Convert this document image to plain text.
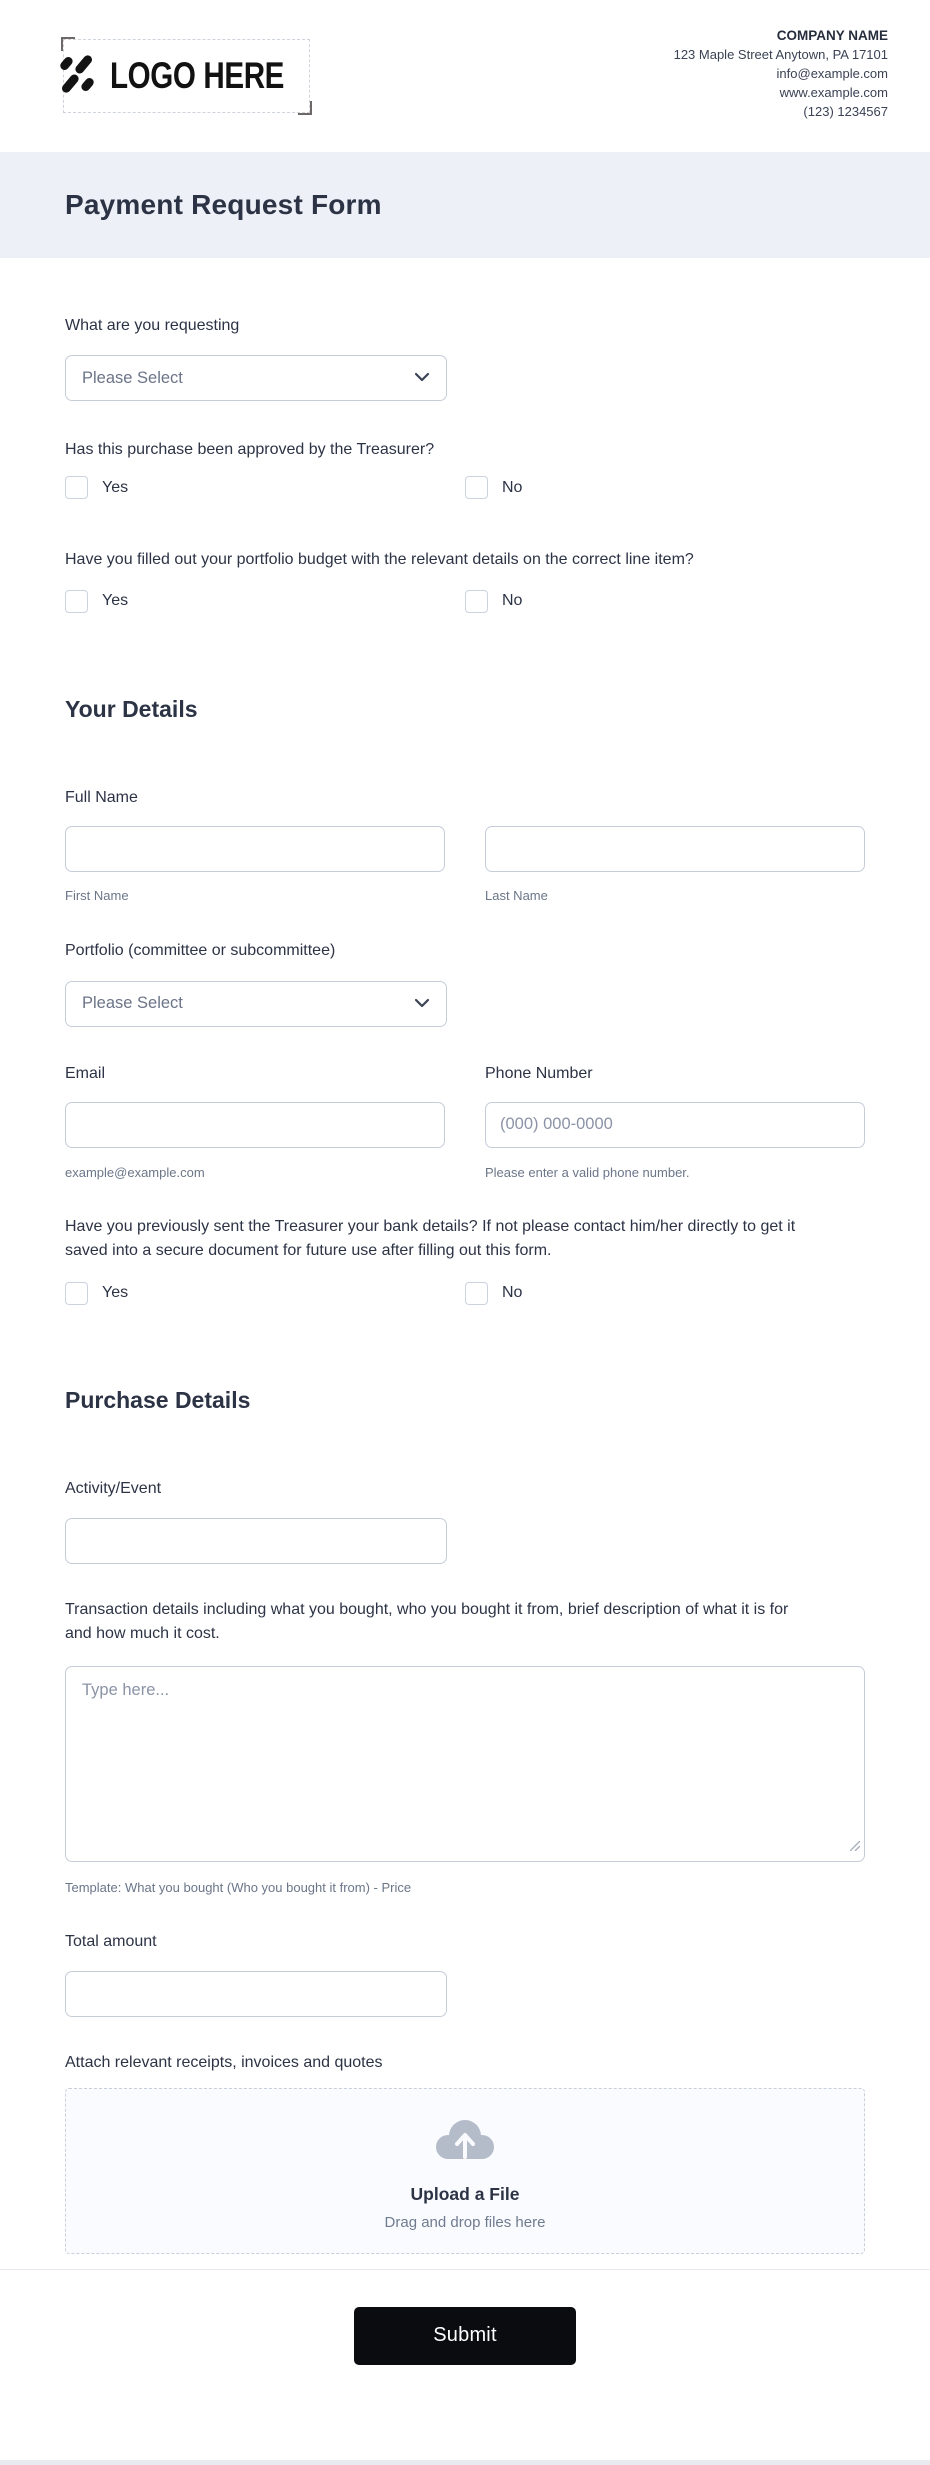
LOGO HERE
COMPANY NAME
123 Maple Street Anytown, PA 17101
info@example.com
www.example.com
(123) 1234567
Payment Request Form
What are you requesting
Please Select
Has this purchase been approved by the Treasurer?
Yes	No
Have you filled out your portfolio budget with the relevant details on the correct line item?
Yes	No
Your Details
Full Name
First Name	Last Name
Portfolio (committee or subcommittee)
Please Select
Email	Phone Number
(000) 000-0000
example@example.com	Please enter a valid phone number.
Have you previously sent the Treasurer your bank details? If not please contact him/her directly to get it saved into a secure document for future use after filling out this form.
Yes	No
Purchase Details
Activity/Event
Transaction details including what you bought, who you bought it from, brief description of what it is for and how much it cost.
Type here...
Template: What you bought (Who you bought it from) - Price
Total amount
Attach relevant receipts, invoices and quotes
Upload a File
Drag and drop files here
Submit
